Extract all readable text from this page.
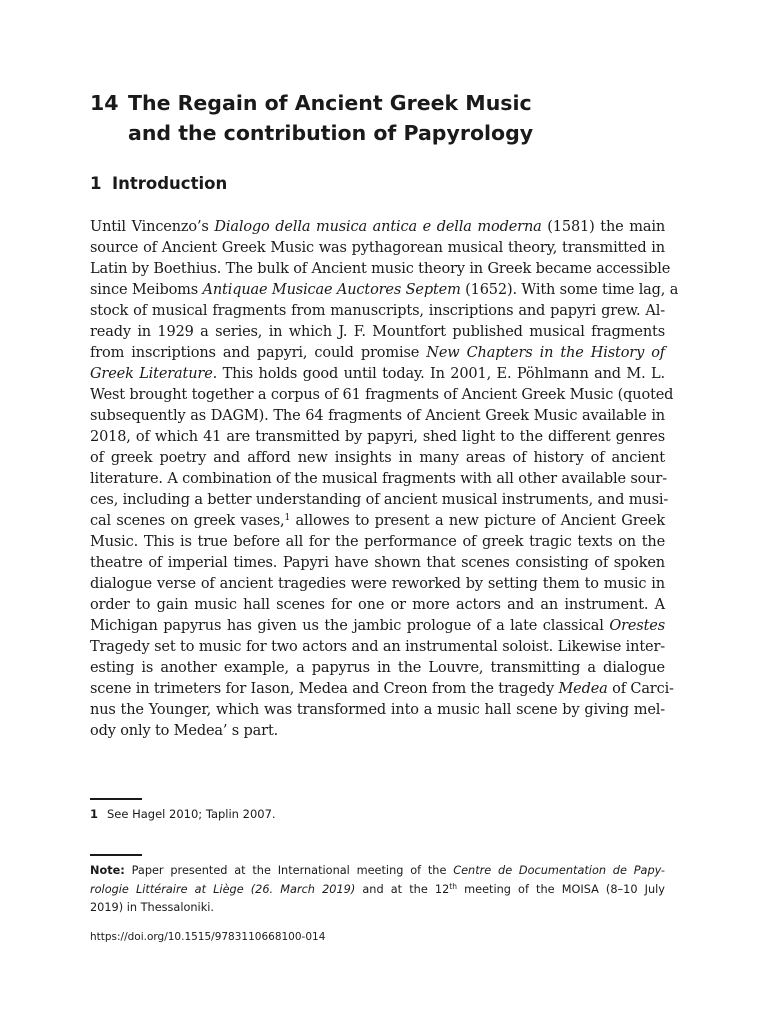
14 The Regain of Ancient Greek Music
and the contribution of Papyrology
1 Introduction
Until Vincenzo’s Dialogo della musica antica e della moderna (1581) the main
source of Ancient Greek Music was pythagorean musical theory, transmitted in
Latin by Boethius. The bulk of Ancient music theory in Greek became accessible
since Meiboms Antiquae Musicae Auctores Septem (1652). With some time lag, a
stock of musical fragments from manuscripts, inscriptions and papyri grew. Al-
ready in 1929 a series, in which J. F. Mountfort published musical fragments
from inscriptions and papyri, could promise New Chapters in the History of
Greek Literature. This holds good until today. In 2001, E. Pöhlmann and M. L.
West brought together a corpus of 61 fragments of Ancient Greek Music (quoted
subsequently as DAGM). The 64 fragments of Ancient Greek Music available in
2018, of which 41 are transmitted by papyri, shed light to the different genres
of greek poetry and afford new insights in many areas of history of ancient
literature. A combination of the musical fragments with all other available sour-
ces, including a better understanding of ancient musical instruments, and musi-
cal scenes on greek vases,$^1$ allowes to present a new picture of Ancient Greek
Music. This is true before all for the performance of greek tragic texts on the
theatre of imperial times. Papyri have shown that scenes consisting of spoken
dialogue verse of ancient tragedies were reworked by setting them to music in
order to gain music hall scenes for one or more actors and an instrument. A
Michigan papyrus has given us the jambic prologue of a late classical Orestes
Tragedy set to music for two actors and an instrumental soloist. Likewise inter-
esting is another example, a papyrus in the Louvre, transmitting a dialogue
scene in trimeters for Iason, Medea and Creon from the tragedy Medea of Carci-
nus the Younger, which was transformed into a music hall scene by giving mel-
ody only to Medea’ s part.
1 See Hagel 2010; Taplin 2007.
Note: Paper presented at the International meeting of the Centre de Documentation de Papy-
rologie Littéraire at Liège (26. March 2019) and at the 12th meeting of the MOISA (8–10 July
2019) in Thessaloniki.
https://doi.org/10.1515/9783110668100-014
